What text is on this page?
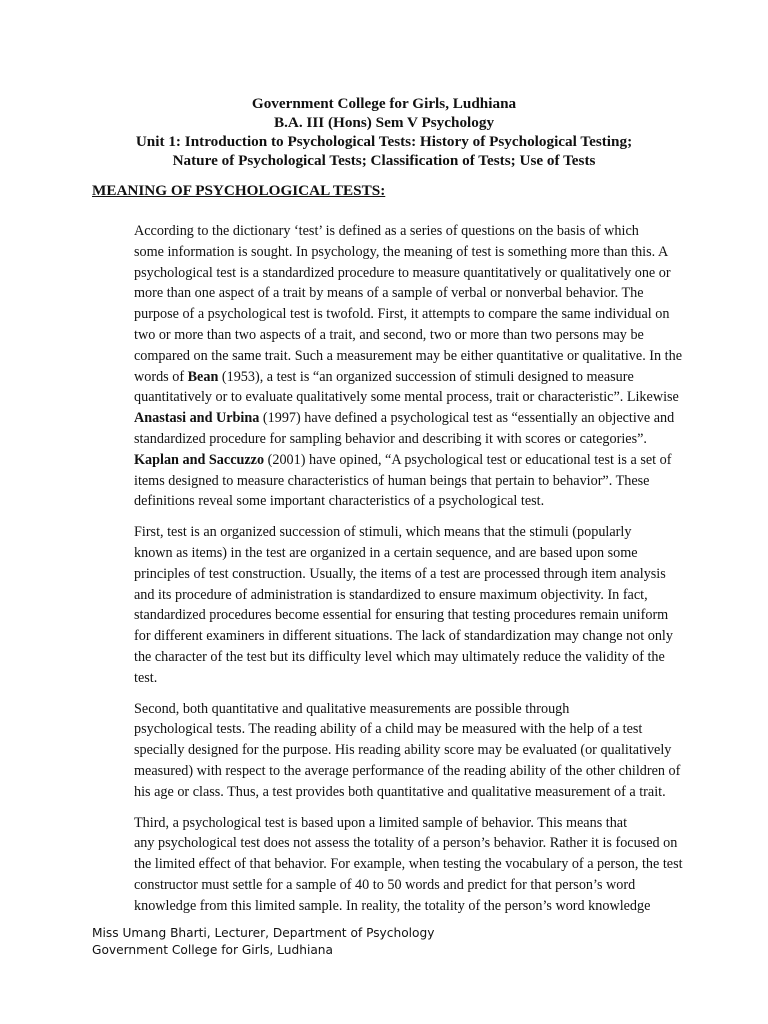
Government College for Girls, Ludhiana
B.A. III (Hons) Sem V Psychology
Unit 1: Introduction to Psychological Tests: History of Psychological Testing;
Nature of Psychological Tests; Classification of Tests; Use of Tests
MEANING OF PSYCHOLOGICAL TESTS:

According to the dictionary ‘test’ is defined as a series of questions on the basis of which
some information is sought. In psychology, the meaning of test is something more than this. A
psychological test is a standardized procedure to measure quantitatively or qualitatively one or
more than one aspect of a trait by means of a sample of verbal or nonverbal behavior. The
purpose of a psychological test is twofold. First, it attempts to compare the same individual on
two or more than two aspects of a trait, and second, two or more than two persons may be
compared on the same trait. Such a measurement may be either quantitative or qualitative. In the
words of Bean (1953), a test is “an organized succession of stimuli designed to measure
quantitatively or to evaluate qualitatively some mental process, trait or characteristic”. Likewise
Anastasi and Urbina (1997) have defined a psychological test as “essentially an objective and
standardized procedure for sampling behavior and describing it with scores or categories”.
Kaplan and Saccuzzo (2001) have opined, “A psychological test or educational test is a set of
items designed to measure characteristics of human beings that pertain to behavior”. These
definitions reveal some important characteristics of a psychological test.

First, test is an organized succession of stimuli, which means that the stimuli (popularly
known as items) in the test are organized in a certain sequence, and are based upon some
principles of test construction. Usually, the items of a test are processed through item analysis
and its procedure of administration is standardized to ensure maximum objectivity. In fact,
standardized procedures become essential for ensuring that testing procedures remain uniform
for different examiners in different situations. The lack of standardization may change not only
the character of the test but its difficulty level which may ultimately reduce the validity of the
test.

Second, both quantitative and qualitative measurements are possible through
psychological tests. The reading ability of a child may be measured with the help of a test
specially designed for the purpose. His reading ability score may be evaluated (or qualitatively
measured) with respect to the average performance of the reading ability of the other children of
his age or class. Thus, a test provides both quantitative and qualitative measurement of a trait.

Third, a psychological test is based upon a limited sample of behavior. This means that
any psychological test does not assess the totality of a person’s behavior. Rather it is focused on
the limited effect of that behavior. For example, when testing the vocabulary of a person, the test
constructor must settle for a sample of 40 to 50 words and predict for that person’s word
knowledge from this limited sample. In reality, the totality of the person’s word knowledge

Miss Umang Bharti, Lecturer, Department of Psychology
Government College for Girls, Ludhiana
